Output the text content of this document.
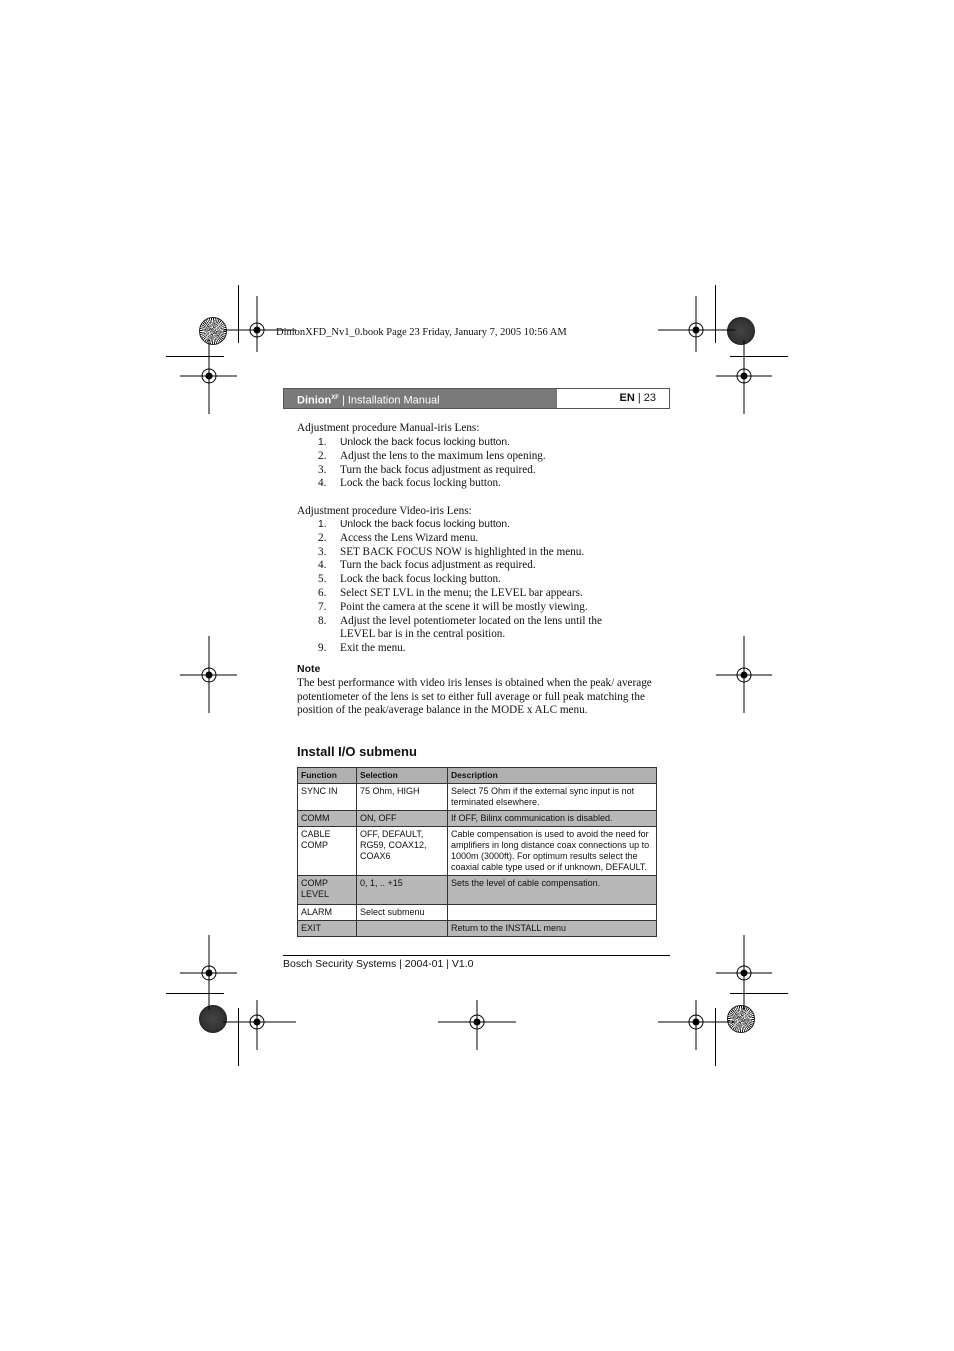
DinionXFD_Nv1_0.book Page 23 Friday, January 7, 2005 10:56 AM
Dinion$^{XF}$ | Installation Manual	EN | 23
Adjustment procedure Manual-iris Lens:
1.	Unlock the back focus locking button.
2.	Adjust the lens to the maximum lens opening.
3.	Turn the back focus adjustment as required.
4.	Lock the back focus locking button.
Adjustment procedure Video-iris Lens:
1.	Unlock the back focus locking button.
2.	Access the Lens Wizard menu.
3.	SET BACK FOCUS NOW is highlighted in the menu.
4.	Turn the back focus adjustment as required.
5.	Lock the back focus locking button.
6.	Select SET LVL in the menu; the LEVEL bar appears.
7.	Point the camera at the scene it will be mostly viewing.
8.	Adjust the level potentiometer located on the lens until the LEVEL bar is in the central position.
9.	Exit the menu.
Note
The best performance with video iris lenses is obtained when the peak/ average potentiometer of the lens is set to either full average or full peak matching the position of the peak/average balance in the MODE x ALC menu.
Install I/O submenu
Function	Selection	Description
SYNC IN	75 Ohm, HIGH	Select 75 Ohm if the external sync input is not terminated elsewhere.
COMM	ON, OFF	If OFF, Bilinx communication is disabled.
CABLE COMP	OFF, DEFAULT, RG59, COAX12, COAX6	Cable compensation is used to avoid the need for amplifiers in long distance coax connections up to 1000m (3000ft). For optimum results select the coaxial cable type used or if unknown, DEFAULT.
COMP LEVEL	0, 1, .. +15	Sets the level of cable compensation.
ALARM	Select submenu	
EXIT		Return to the INSTALL menu
Bosch Security Systems | 2004-01 | V1.0
